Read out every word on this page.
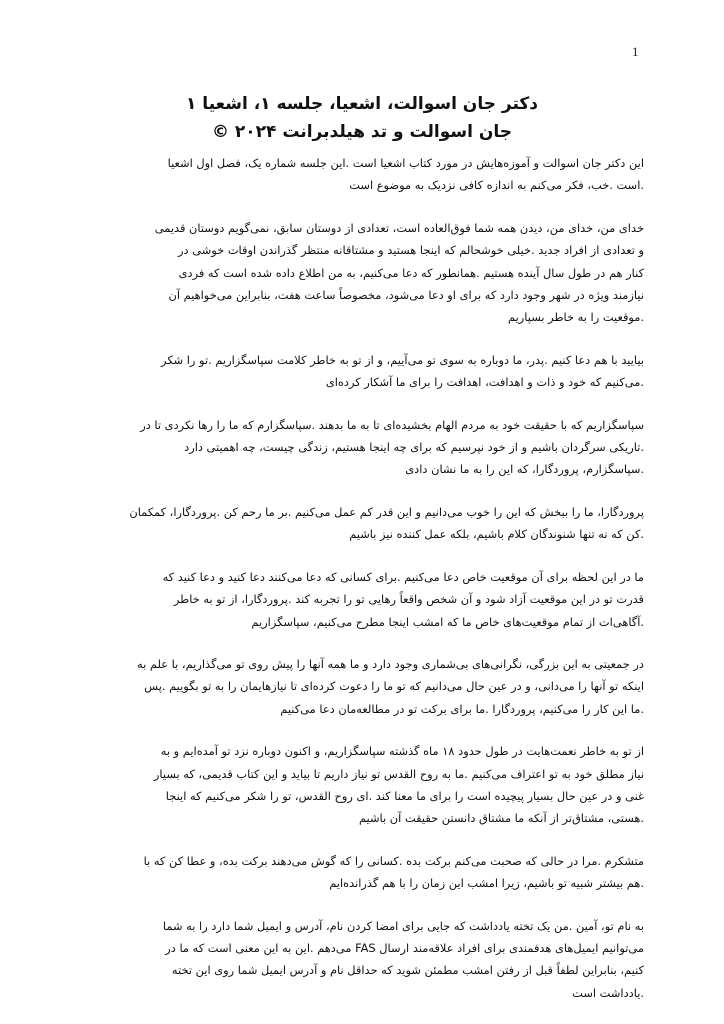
1

دکتر جان اسوالت، اشعیا، جلسه ۱، اشعیا ۱

جان اسوالت و تد هیلدبرانت ۲۰۲۴ ©

این دکتر جان اسوالت و آموزه‌هایش در مورد کتاب اشعیا است .این جلسه شماره یک، فصل اول اشعیا
.است .خب، فکر می‌کنم به اندازه کافی نزدیک به موضوع است

خدای من، خدای من، دیدن همه شما فوق‌العاده است، تعدادی از دوستان سابق، نمی‌گویم دوستان قدیمی
و تعدادی از افراد جدید .خیلی خوشحالم که اینجا هستید و مشتاقانه منتظر گذراندن اوقات خوشی در
کنار هم در طول سال آینده هستیم .همانطور که دعا می‌کنیم، به من اطلاع داده شده است که فردی
نیازمند ویژه در شهر وجود دارد که برای او دعا می‌شود، مخصوصاً ساعت هفت، بنابراین می‌خواهیم آن
.موقعیت را به خاطر بسپاریم

بیایید با هم دعا کنیم .پدر، ما دوباره به سوی تو می‌آییم، و از تو به خاطر کلامت سپاسگزاریم .تو را شکر
.می‌کنیم که خود و ذات و اهدافت، اهدافت را برای ما آشکار کرده‌ای

سپاسگزاریم که با حقیقت خود به مردم الهام بخشیده‌ای تا به ما بدهند .سپاسگزارم که ما را رها نکردی تا در
.تاریکی سرگردان باشیم و از خود نپرسیم که برای چه اینجا هستیم، زندگی چیست، چه اهمیتی دارد
.سپاسگزارم، پروردگارا، که این را به ما نشان دادی

پروردگارا، ما را ببخش که این را خوب می‌دانیم و این قدر کم عمل می‌کنیم .بر ما رحم کن .پروردگارا، کمکمان
.کن که نه تنها شنوندگان کلام باشیم، بلکه عمل کننده نیز باشیم

ما در این لحظه برای آن موقعیت خاص دعا می‌کنیم .برای کسانی که دعا می‌کنند دعا کنید و دعا کنید که
قدرت تو در این موقعیت آزاد شود و آن شخص واقعاً رهایی تو را تجربه کند .پروردگارا، از تو به خاطر
.آگاهی‌ات از تمام موقعیت‌های خاص ما که امشب اینجا مطرح می‌کنیم، سپاسگزاریم

در جمعیتی به این بزرگی، نگرانی‌های بی‌شماری وجود دارد و ما همه آنها را پیش روی تو می‌گذاریم، با علم به
اینکه تو آنها را می‌دانی، و در عین حال می‌دانیم که تو ما را دعوت کرده‌ای تا نیازهایمان را به تو بگوییم .پس
.ما این کار را می‌کنیم، پروردگارا .ما برای برکت تو در مطالعه‌مان دعا می‌کنیم

از تو به خاطر نعمت‌هایت در طول حدود ۱۸ ماه گذشته سپاسگزاریم، و اکنون دوباره نزد تو آمده‌ایم و به
نیاز مطلق خود به تو اعتراف می‌کنیم .ما به روح القدس تو نیاز داریم تا بیاید و این کتاب قدیمی، که بسیار
غنی و در عین حال بسیار پیچیده است را برای ما معنا کند .ای روح القدس، تو را شکر می‌کنیم که اینجا
.هستی، مشتاق‌تر از آنکه ما مشتاق دانستن حقیقت آن باشیم

متشکرم .مرا در حالی که صحبت می‌کنم برکت بده .کسانی را که گوش می‌دهند برکت بده، و عطا کن که با
.هم بیشتر شبیه تو باشیم، زیرا امشب این زمان را با هم گذرانده‌ایم

به نام تو، آمین .من یک تخته یادداشت که جایی برای امضا کردن نام، آدرس و ایمیل شما دارد را به شما
می‌توانیم ایمیل‌های هدفمندی برای افراد علاقه‌مند ارسال FAS می‌دهم .این به این معنی است که ما در
کنیم، بنابراین لطفاً قبل از رفتن امشب مطمئن شوید که حداقل نام و آدرس ایمیل شما روی این تخته
.یادداشت است
